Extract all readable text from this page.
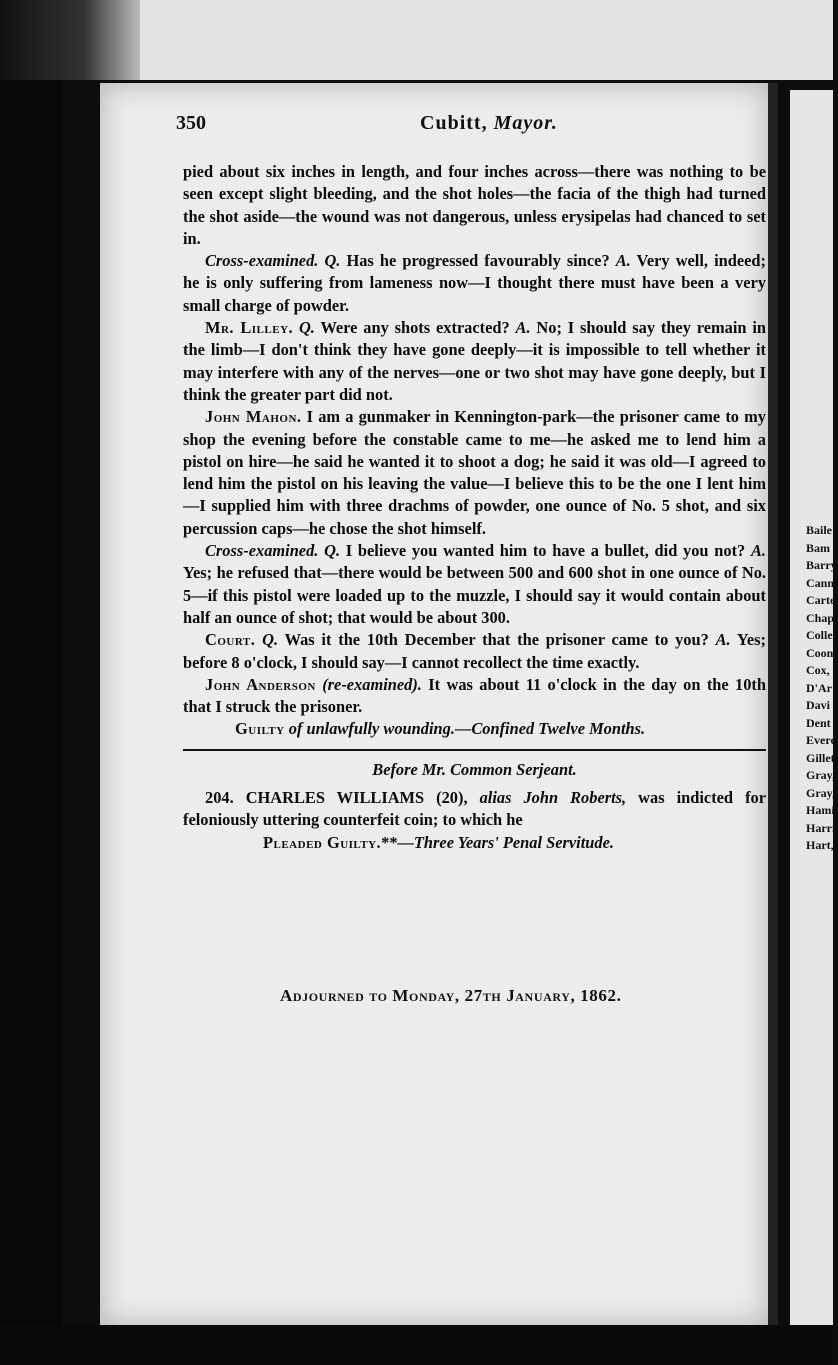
Baile
Bam
Barry
Cann
Carte
Chap
Colle
Coon
Cox,
D'Ar
Davi
Dent
Everc
Gillet
Gray,
Gray,
Hamil
Harri
Hart,
350	Cubitt, Mayor.

pied about six inches in length, and four inches across—there was nothing to be seen except slight bleeding, and the shot holes—the facia of the thigh had turned the shot aside—the wound was not dangerous, unless erysipelas had chanced to set in.

Cross-examined. Q. Has he progressed favourably since? A. Very well, indeed; he is only suffering from lameness now—I thought there must have been a very small charge of powder.

Mr. Lilley. Q. Were any shots extracted? A. No; I should say they remain in the limb—I don't think they have gone deeply—it is impossible to tell whether it may interfere with any of the nerves—one or two shot may have gone deeply, but I think the greater part did not.

John Mahon. I am a gunmaker in Kennington-park—the prisoner came to my shop the evening before the constable came to me—he asked me to lend him a pistol on hire—he said he wanted it to shoot a dog; he said it was old—I agreed to lend him the pistol on his leaving the value—I believe this to be the one I lent him—I supplied him with three drachms of powder, one ounce of No. 5 shot, and six percussion caps—he chose the shot himself.

Cross-examined. Q. I believe you wanted him to have a bullet, did you not? A. Yes; he refused that—there would be between 500 and 600 shot in one ounce of No. 5—if this pistol were loaded up to the muzzle, I should say it would contain about half an ounce of shot; that would be about 300.

Court. Q. Was it the 10th December that the prisoner came to you? A. Yes; before 8 o'clock, I should say—I cannot recollect the time exactly.

John Anderson (re-examined). It was about 11 o'clock in the day on the 10th that I struck the prisoner.

Guilty of unlawfully wounding.—Confined Twelve Months.

Before Mr. Common Serjeant.

204. CHARLES WILLIAMS (20), alias John Roberts, was indicted for feloniously uttering counterfeit coin; to which he

Pleaded Guilty.**—Three Years' Penal Servitude.

Adjourned to Monday, 27th January, 1862.
